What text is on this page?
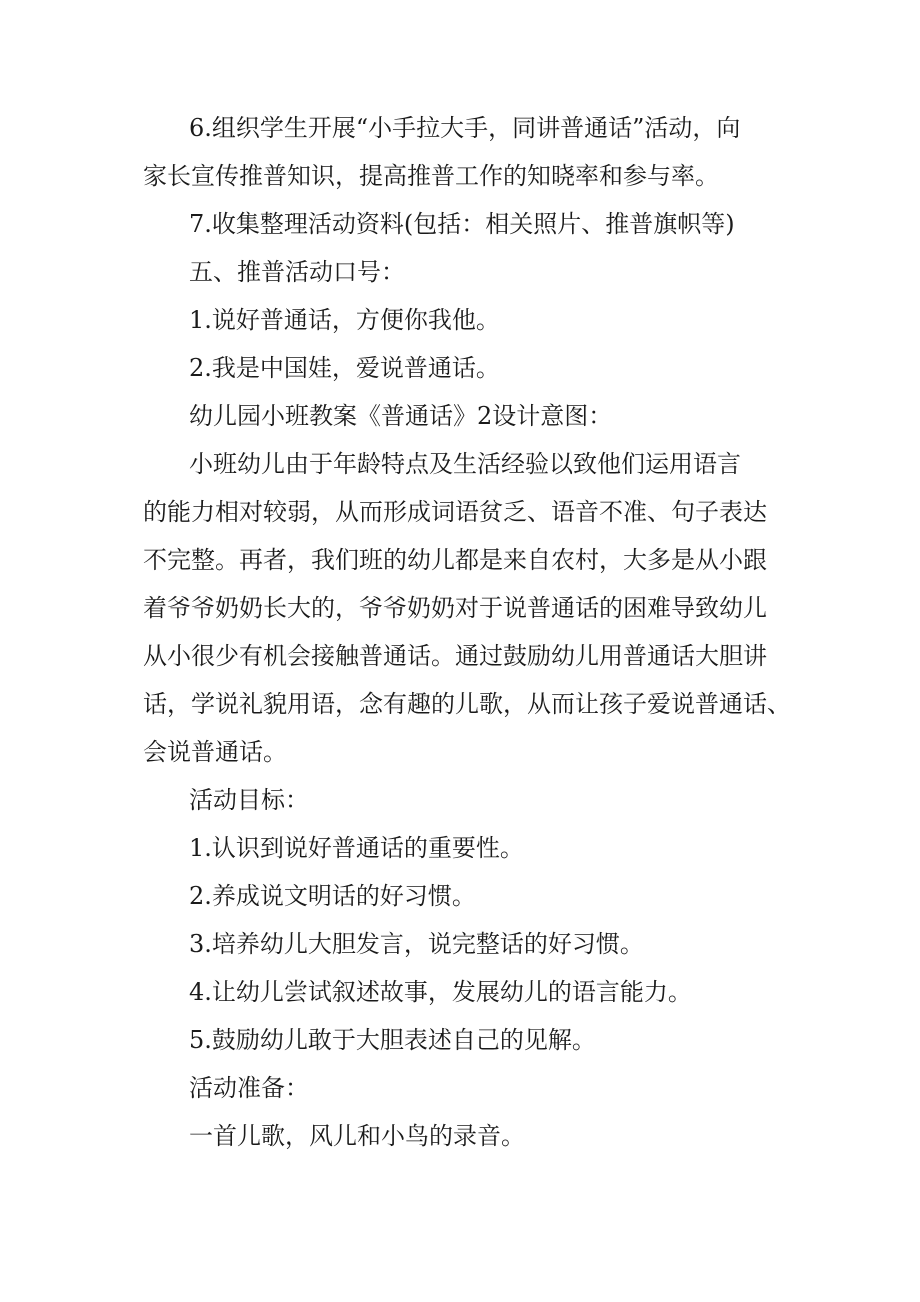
6.组织学生开展“小手拉大手，同讲普通话”活动，向

家长宣传推普知识，提高推普工作的知晓率和参与率。

7.收集整理活动资料(包括：相关照片、推普旗帜等)

五、推普活动口号：

1.说好普通话，方便你我他。

2.我是中国娃，爱说普通话。

幼儿园小班教案《普通话》2设计意图：

小班幼儿由于年龄特点及生活经验以致他们运用语言

的能力相对较弱，从而形成词语贫乏、语音不准、句子表达

不完整。再者，我们班的幼儿都是来自农村，大多是从小跟

着爷爷奶奶长大的，爷爷奶奶对于说普通话的困难导致幼儿

从小很少有机会接触普通话。通过鼓励幼儿用普通话大胆讲

话，学说礼貌用语，念有趣的儿歌，从而让孩子爱说普通话、

会说普通话。

活动目标：

1.认识到说好普通话的重要性。

2.养成说文明话的好习惯。

3.培养幼儿大胆发言，说完整话的好习惯。

4.让幼儿尝试叙述故事，发展幼儿的语言能力。

5.鼓励幼儿敢于大胆表述自己的见解。

活动准备：

一首儿歌，风儿和小鸟的录音。
